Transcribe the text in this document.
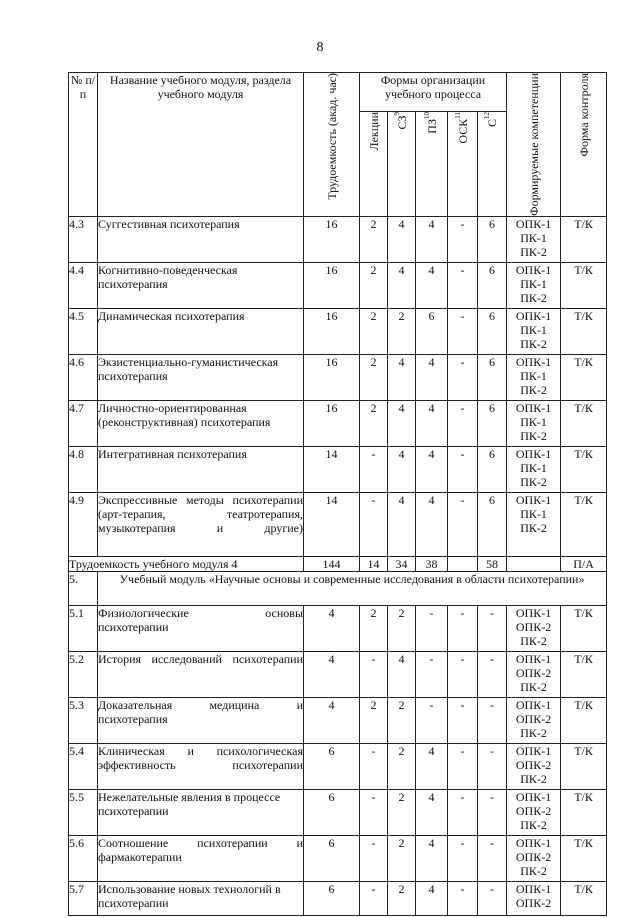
8
№ п/п	Название учебного модуля, раздела учебного модуля	Трудоемкость (акад. час)	Формы организации учебного процесса					Формируемые компетенции	Форма контроля

			Лекции	$СЗ^9$	ПЗ$^{10}$	ОСК$^{11}$	$С^{12}$

4.3	Суггестивная психотерапия	16	2	4	4	-	6	ОПК-1
ПК-1
ПК-2	Т/К
4.4	Когнитивно-поведенческая психотерапия	16	2	4	4	-	6	ОПК-1
ПК-1
ПК-2	Т/К
4.5	Динамическая психотерапия	16	2	2	6	-	6	ОПК-1
ПК-1
ПК-2	Т/К
4.6	Экзистенциально-гуманистическая психотерапия	16	2	4	4	-	6	ОПК-1
ПК-1
ПК-2	Т/К
4.7	Личностно-ориентированная (реконструктивная) психотерапия	16	2	4	4	-	6	ОПК-1
ПК-1
ПК-2	Т/К
4.8	Интегративная психотерапия	14	-	4	4	-	6	ОПК-1
ПК-1
ПК-2	Т/К
4.9	Экспрессивные методы психотерапии (арт-терапия, театротерапия, музыкотерапия и другие)	14	-	4	4	-	6	ОПК-1
ПК-1
ПК-2	Т/К
Трудоемкость учебного модуля 4		144	14	34	38		58		П/А
5.	Учебный модуль «Научные основы и современные исследования в области психотерапии»								
5.1	Физиологические основы психотерапии	4	2	2	-	-	-	ОПК-1
ОПК-2
ПК-2	Т/К
5.2	История исследований психотерапии	4	-	4	-	-	-	ОПК-1
ОПК-2
ПК-2	Т/К
5.3	Доказательная медицина и психотерапия	4	2	2	-	-	-	ОПК-1
ОПК-2
ПК-2	Т/К
5.4	Клиническая и психологическая эффективность психотерапии	6	-	2	4	-	-	ОПК-1
ОПК-2
ПК-2	Т/К
5.5	Нежелательные явления в процессе психотерапии	6	-	2	4	-	-	ОПК-1
ОПК-2
ПК-2	Т/К
5.6	Соотношение психотерапии и фармакотерапии	6	-	2	4	-	-	ОПК-1
ОПК-2
ПК-2	Т/К
5.7	Использование новых технологий в психотерапии	6	-	2	4	-	-	ОПК-1
ОПК-2	Т/К
